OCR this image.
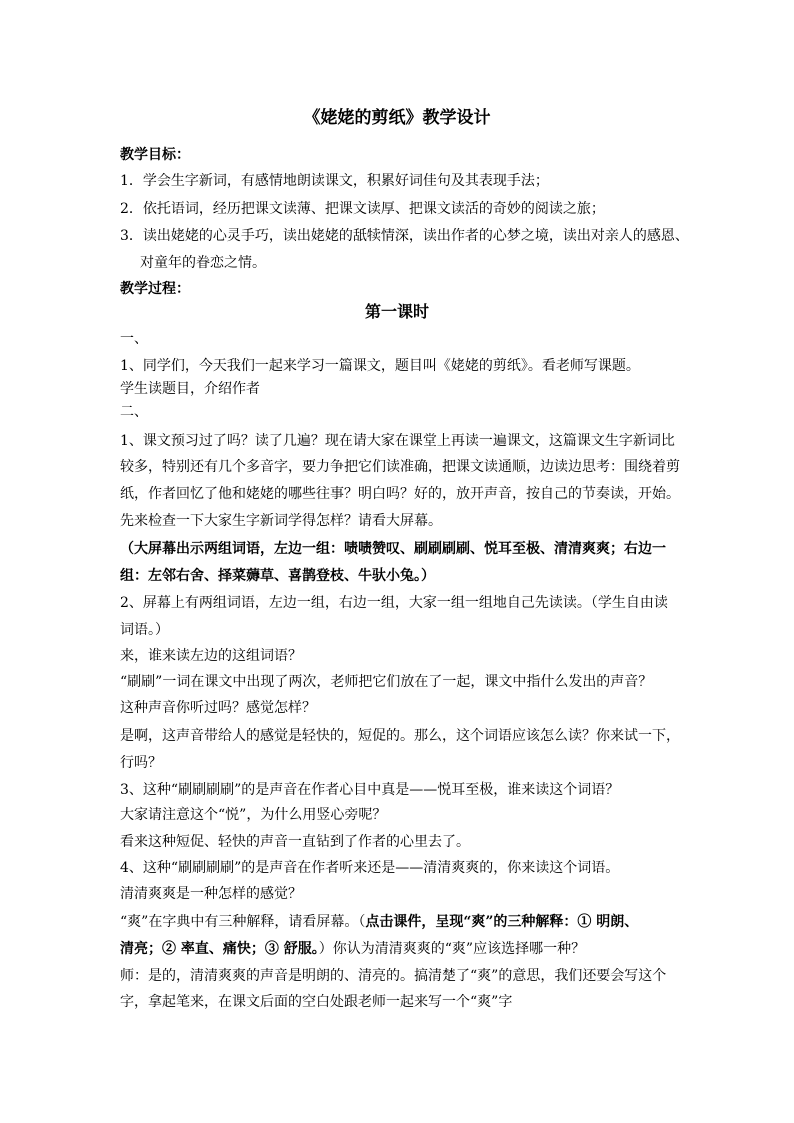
《姥姥的剪纸》教学设计
教学目标：
1．学会生字新词，有感情地朗读课文，积累好词佳句及其表现手法；
2．依托语词，经历把课文读薄、把课文读厚、把课文读活的奇妙的阅读之旅；
3．读出姥姥的心灵手巧，读出姥姥的舐犊情深，读出作者的心梦之境，读出对亲人的感恩、
对童年的眷恋之情。
教学过程：
第一课时
一、
1、同学们，今天我们一起来学习一篇课文，题目叫《姥姥的剪纸》。看老师写课题。
学生读题目，介绍作者
二、
1、课文预习过了吗？读了几遍？现在请大家在课堂上再读一遍课文，这篇课文生字新词比
较多，特别还有几个多音字，要力争把它们读准确，把课文读通顺，边读边思考：围绕着剪
纸，作者回忆了他和姥姥的哪些往事？明白吗？好的，放开声音，按自己的节奏读，开始。
先来检查一下大家生字新词学得怎样？请看大屏幕。
（大屏幕出示两组词语，左边一组：啧啧赞叹、刷刷刷刷、悦耳至极、清清爽爽；右边一
组：左邻右舍、择菜薅草、喜鹊登枝、牛驮小兔。）
2、屏幕上有两组词语，左边一组，右边一组，大家一组一组地自己先读读。（学生自由读
词语。）
来，谁来读左边的这组词语？
“刷刷”一词在课文中出现了两次，老师把它们放在了一起，课文中指什么发出的声音？
这种声音你听过吗？感觉怎样？
是啊，这声音带给人的感觉是轻快的，短促的。那么，这个词语应该怎么读？你来试一下，
行吗？
3、这种“刷刷刷刷”的是声音在作者心目中真是——悦耳至极，谁来读这个词语？
大家请注意这个“悦”，为什么用竖心旁呢？
看来这种短促、轻快的声音一直钻到了作者的心里去了。
4、这种“刷刷刷刷”的是声音在作者听来还是——清清爽爽的，你来读这个词语。
清清爽爽是一种怎样的感觉？
“爽”在字典中有三种解释，请看屏幕。（点击课件，呈现“爽”的三种解释：① 明朗、
清亮；② 率直、痛快；③ 舒服。）你认为清清爽爽的“爽”应该选择哪一种？
师：是的，清清爽爽的声音是明朗的、清亮的。搞清楚了“爽”的意思，我们还要会写这个
字，拿起笔来，在课文后面的空白处跟老师一起来写一个“爽”字
